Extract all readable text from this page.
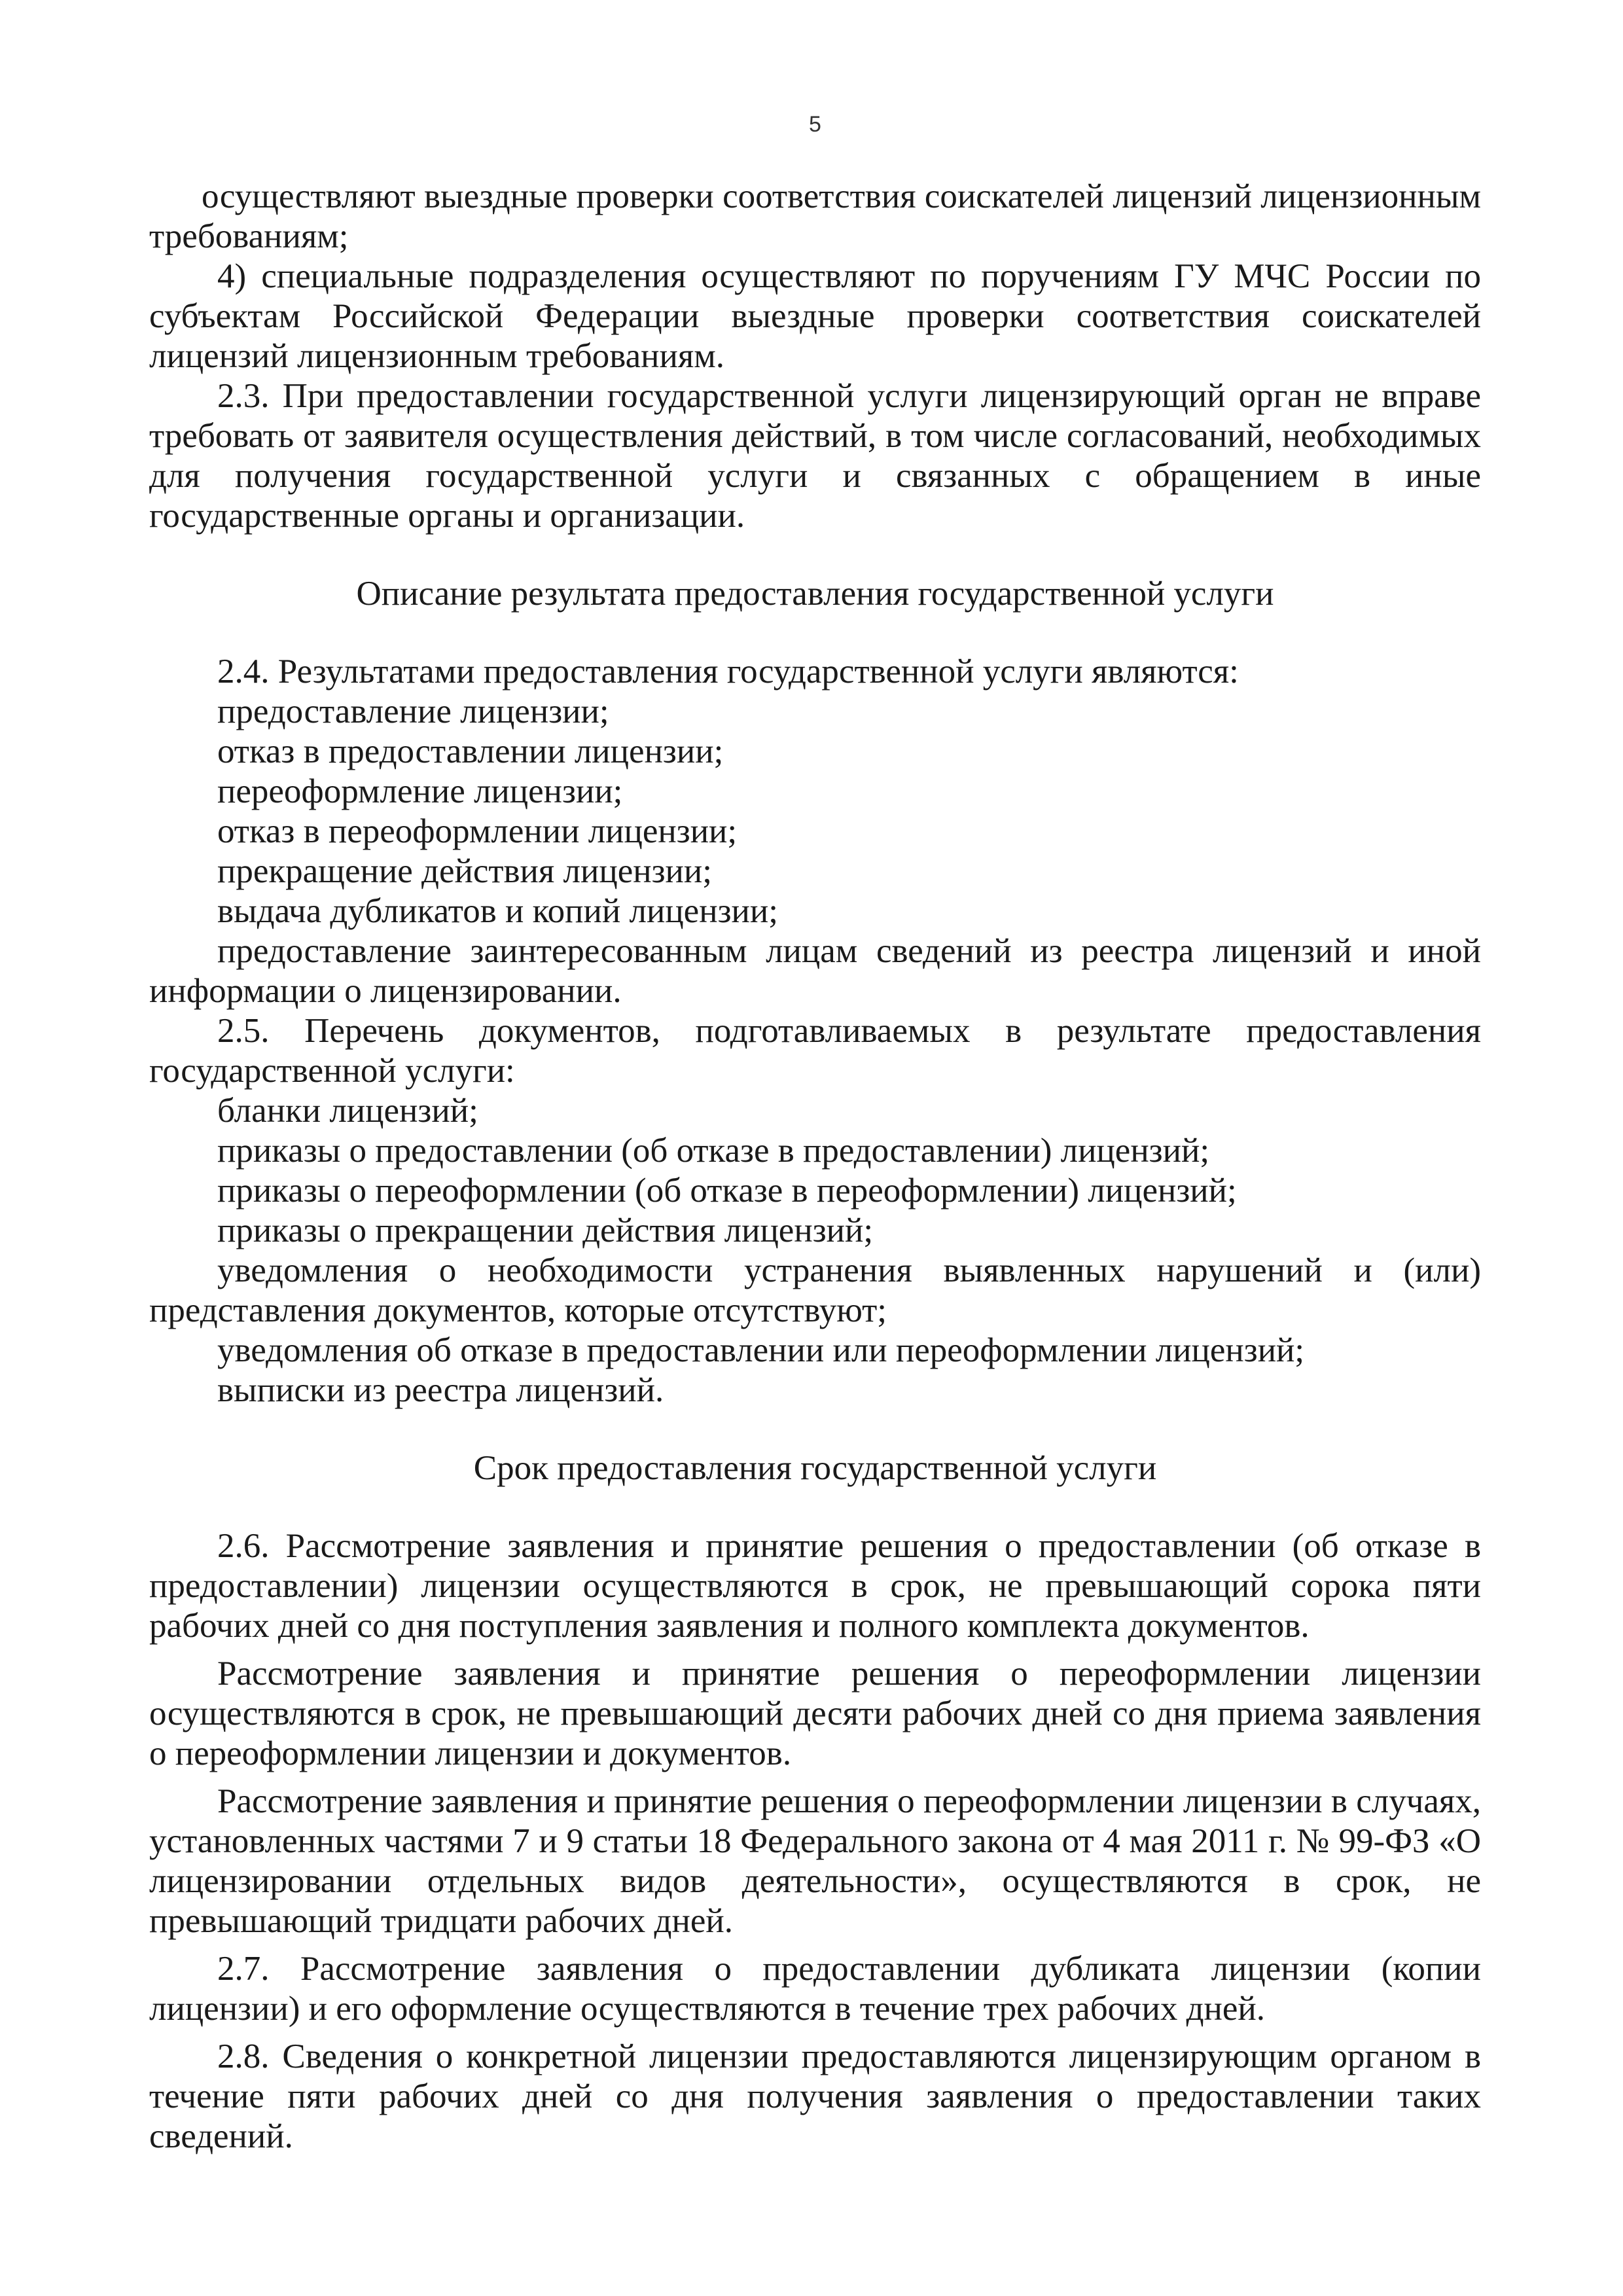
5

осуществляют выездные проверки соответствия соискателей лицензий лицензионным требованиям;

4) специальные подразделения осуществляют по поручениям ГУ МЧС России по субъектам Российской Федерации выездные проверки соответствия соискателей лицензий лицензионным требованиям.

2.3. При предоставлении государственной услуги лицензирующий орган не вправе требовать от заявителя осуществления действий, в том числе согласований, необходимых для получения государственной услуги и связанных с обращением в иные государственные органы и организации.

Описание результата предоставления государственной услуги

2.4. Результатами предоставления государственной услуги являются:

предоставление лицензии;

отказ в предоставлении лицензии;

переоформление лицензии;

отказ в переоформлении лицензии;

прекращение действия лицензии;

выдача дубликатов и копий лицензии;

предоставление заинтересованным лицам сведений из реестра лицензий и иной информации о лицензировании.

2.5. Перечень документов, подготавливаемых в результате предоставления государственной услуги:

бланки лицензий;

приказы о предоставлении (об отказе в предоставлении) лицензий;

приказы о переоформлении (об отказе в переоформлении) лицензий;

приказы о прекращении действия лицензий;

уведомления о необходимости устранения выявленных нарушений и (или) представления документов, которые отсутствуют;

уведомления об отказе в предоставлении или переоформлении лицензий;

выписки из реестра лицензий.

Срок предоставления государственной услуги

2.6. Рассмотрение заявления и принятие решения о предоставлении (об отказе в предоставлении) лицензии осуществляются в срок, не превышающий сорока пяти рабочих дней со дня поступления заявления и полного комплекта документов.

Рассмотрение заявления и принятие решения о переоформлении лицензии осуществляются в срок, не превышающий десяти рабочих дней со дня приема заявления о переоформлении лицензии и документов.

Рассмотрение заявления и принятие решения о переоформлении лицензии в случаях, установленных частями 7 и 9 статьи 18 Федерального закона от 4 мая 2011 г. № 99-ФЗ «О лицензировании отдельных видов деятельности», осуществляются в срок, не превышающий тридцати рабочих дней.

2.7. Рассмотрение заявления о предоставлении дубликата лицензии (копии лицензии) и его оформление осуществляются в течение трех рабочих дней.

2.8. Сведения о конкретной лицензии предоставляются лицензирующим органом в течение пяти рабочих дней со дня получения заявления о предоставлении таких сведений.
